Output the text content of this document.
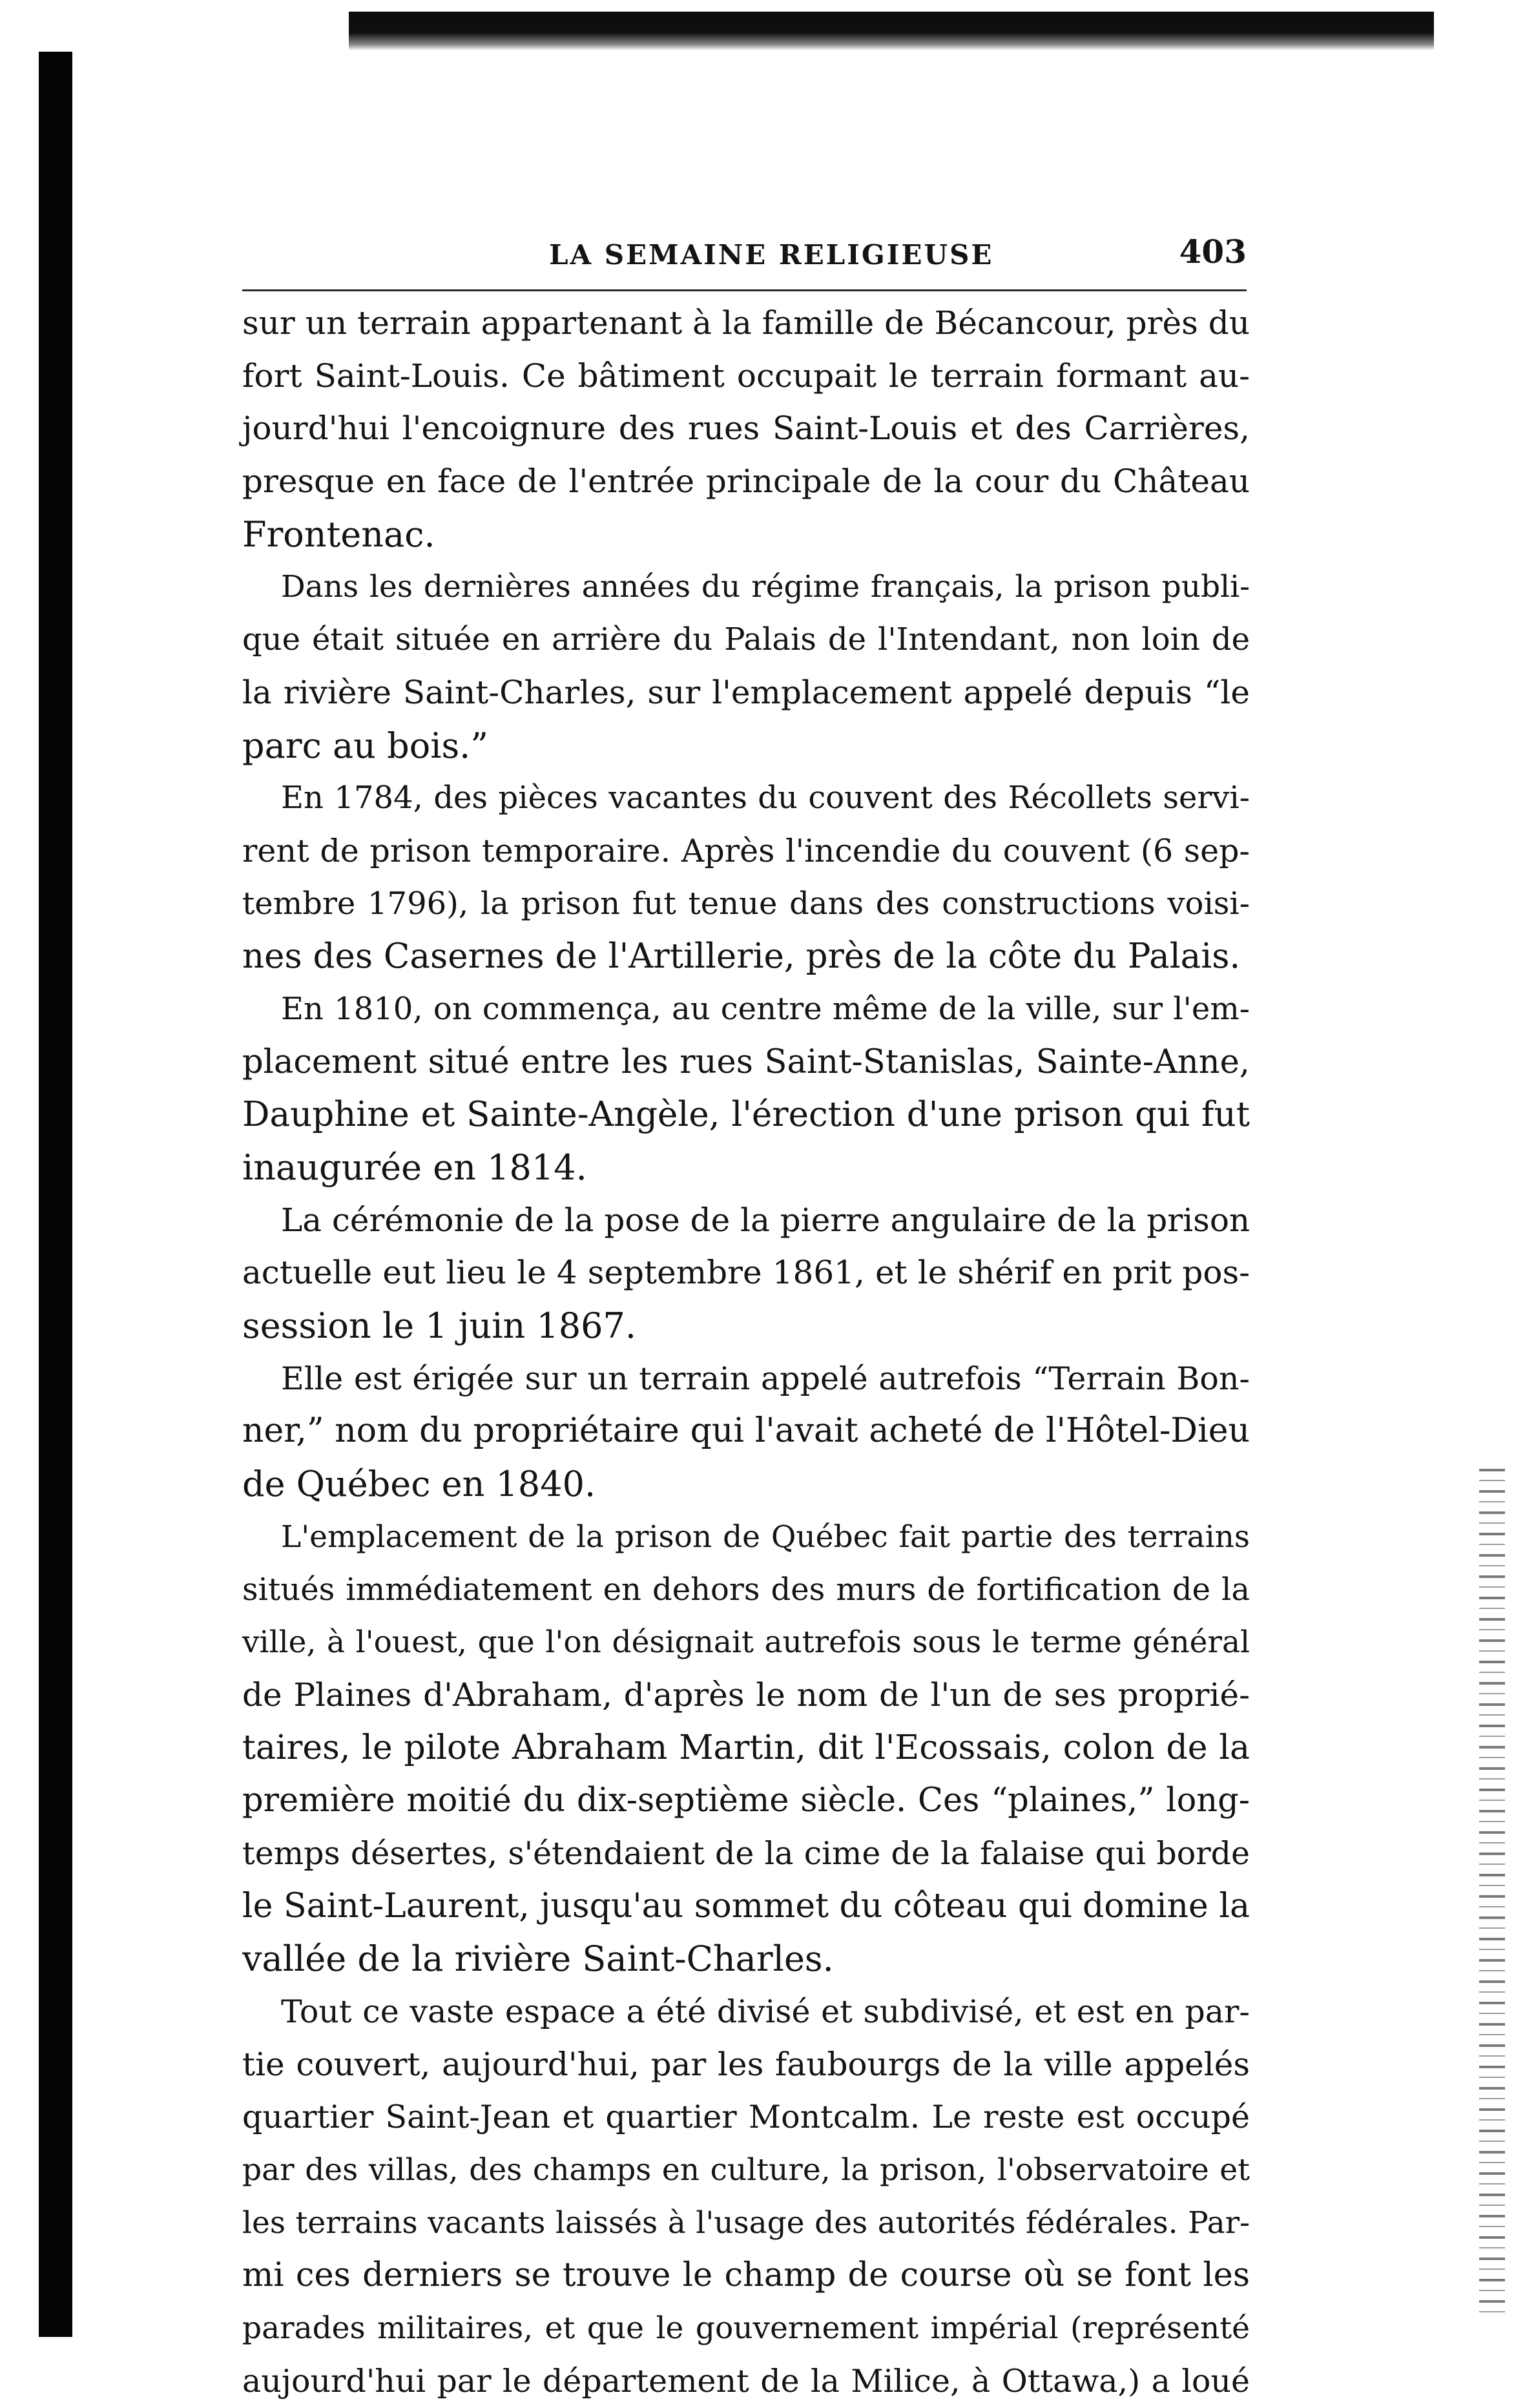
LA SEMAINE RELIGIEUSE	403
sur un terrain appartenant à la famille de Bécancour, près du
fort Saint-Louis. Ce bâtiment occupait le terrain formant au-
jourd'hui l'encoignure des rues Saint-Louis et des Carrières,
presque en face de l'entrée principale de la cour du Château
Frontenac.
Dans les dernières années du régime français, la prison publi-
que était située en arrière du Palais de l'Intendant, non loin de
la rivière Saint-Charles, sur l'emplacement appelé depuis “le
parc au bois.”
En 1784, des pièces vacantes du couvent des Récollets servi-
rent de prison temporaire. Après l'incendie du couvent (6 sep-
tembre 1796), la prison fut tenue dans des constructions voisi-
nes des Casernes de l'Artillerie, près de la côte du Palais.
En 1810, on commença, au centre même de la ville, sur l'em-
placement situé entre les rues Saint-Stanislas, Sainte-Anne,
Dauphine et Sainte-Angèle, l'érection d'une prison qui fut
inaugurée en 1814.
La cérémonie de la pose de la pierre angulaire de la prison
actuelle eut lieu le 4 septembre 1861, et le shérif en prit pos-
session le 1 juin 1867.
Elle est érigée sur un terrain appelé autrefois “Terrain Bon-
ner,” nom du propriétaire qui l'avait acheté de l'Hôtel-Dieu
de Québec en 1840.
L'emplacement de la prison de Québec fait partie des terrains
situés immédiatement en dehors des murs de fortification de la
ville, à l'ouest, que l'on désignait autrefois sous le terme général
de Plaines d'Abraham, d'après le nom de l'un de ses proprié-
taires, le pilote Abraham Martin, dit l'Ecossais, colon de la
première moitié du dix-septième siècle. Ces “plaines,” long-
temps désertes, s'étendaient de la cime de la falaise qui borde
le Saint-Laurent, jusqu'au sommet du côteau qui domine la
vallée de la rivière Saint-Charles.
Tout ce vaste espace a été divisé et subdivisé, et est en par-
tie couvert, aujourd'hui, par les faubourgs de la ville appelés
quartier Saint-Jean et quartier Montcalm. Le reste est occupé
par des villas, des champs en culture, la prison, l'observatoire et
les terrains vacants laissés à l'usage des autorités fédérales. Par-
mi ces derniers se trouve le champ de course où se font les
parades militaires, et que le gouvernement impérial (représenté
aujourd'hui par le département de la Milice, à Ottawa,) a loué
